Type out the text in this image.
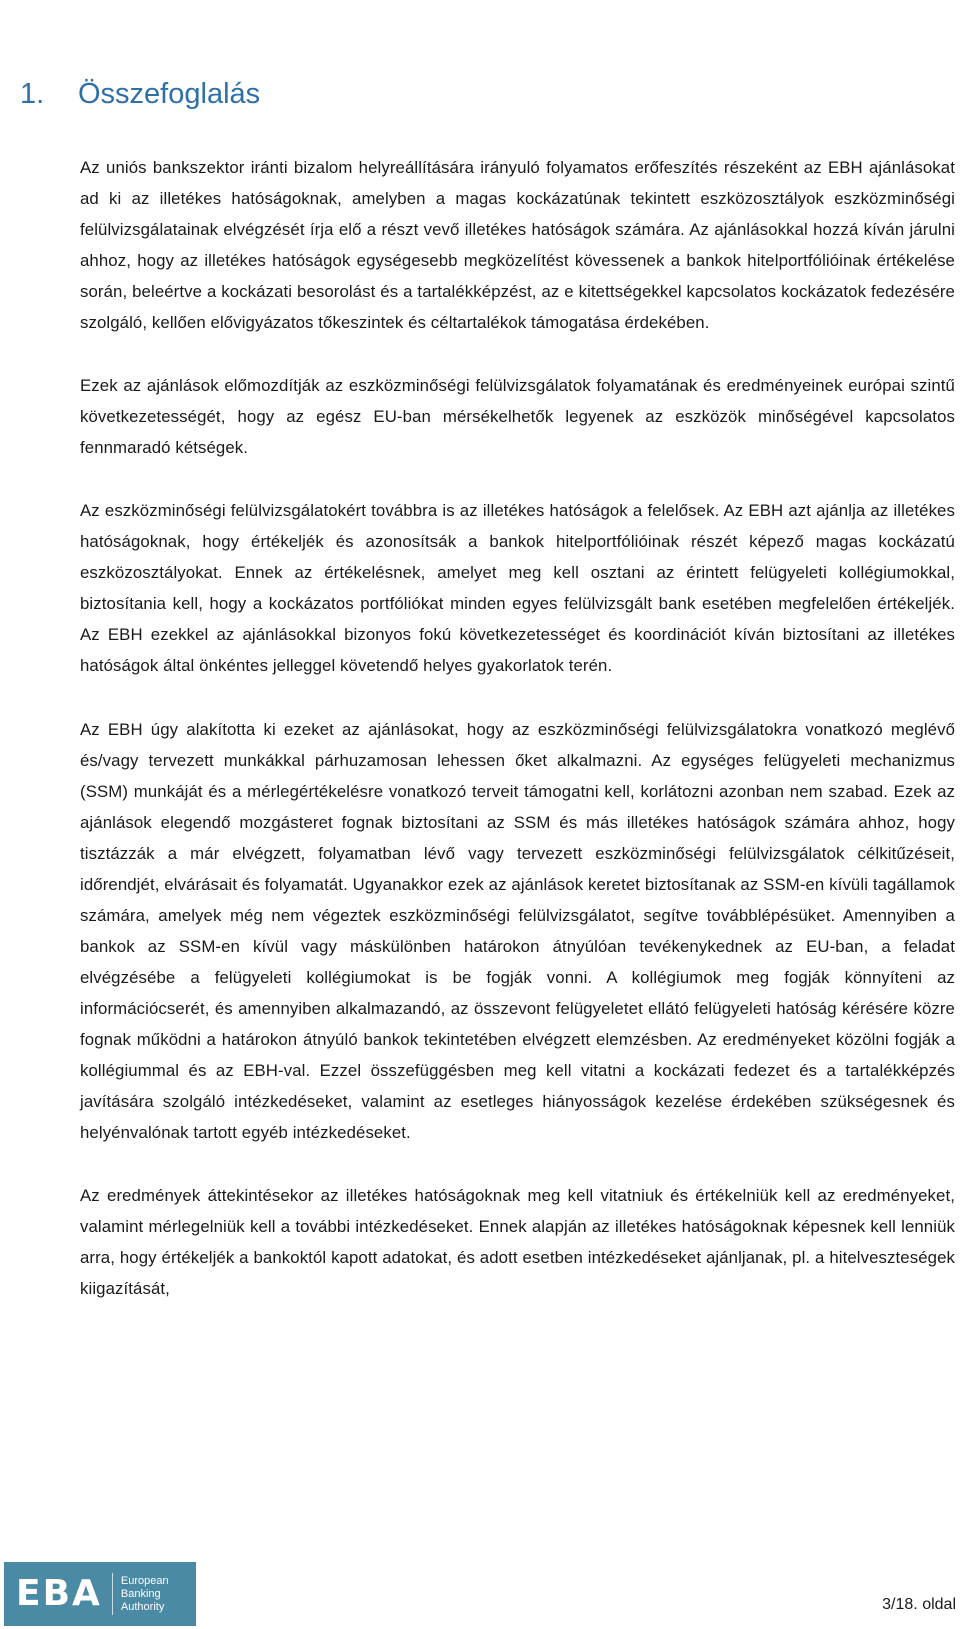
1.	Összefoglalás

Az uniós bankszektor iránti bizalom helyreállítására irányuló folyamatos erőfeszítés részeként az EBH ajánlásokat ad ki az illetékes hatóságoknak, amelyben a magas kockázatúnak tekintett eszközosztályok eszközminőségi felülvizsgálatainak elvégzését írja elő a részt vevő illetékes hatóságok számára. Az ajánlásokkal hozzá kíván járulni ahhoz, hogy az illetékes hatóságok egységesebb megközelítést kövessenek a bankok hitelportfólióinak értékelése során, beleértve a kockázati besorolást és a tartalékképzést, az e kitettségekkel kapcsolatos kockázatok fedezésére szolgáló, kellően elővigyázatos tőkeszintek és céltartalékok támogatása érdekében.

Ezek az ajánlások előmozdítják az eszközminőségi felülvizsgálatok folyamatának és eredményeinek európai szintű következetességét, hogy az egész EU-ban mérsékelhetők legyenek az eszközök minőségével kapcsolatos fennmaradó kétségek.

Az eszközminőségi felülvizsgálatokért továbbra is az illetékes hatóságok a felelősek. Az EBH azt ajánlja az illetékes hatóságoknak, hogy értékeljék és azonosítsák a bankok hitelportfólióinak részét képező magas kockázatú eszközosztályokat. Ennek az értékelésnek, amelyet meg kell osztani az érintett felügyeleti kollégiumokkal, biztosítania kell, hogy a kockázatos portfóliókat minden egyes felülvizsgált bank esetében megfelelően értékeljék. Az EBH ezekkel az ajánlásokkal bizonyos fokú következetességet és koordinációt kíván biztosítani az illetékes hatóságok által önkéntes jelleggel követendő helyes gyakorlatok terén.

Az EBH úgy alakította ki ezeket az ajánlásokat, hogy az eszközminőségi felülvizsgálatokra vonatkozó meglévő és/vagy tervezett munkákkal párhuzamosan lehessen őket alkalmazni. Az egységes felügyeleti mechanizmus (SSM) munkáját és a mérlegértékelésre vonatkozó terveit támogatni kell, korlátozni azonban nem szabad. Ezek az ajánlások elegendő mozgásteret fognak biztosítani az SSM és más illetékes hatóságok számára ahhoz, hogy tisztázzák a már elvégzett, folyamatban lévő vagy tervezett eszközminőségi felülvizsgálatok célkitűzéseit, időrendjét, elvárásait és folyamatát. Ugyanakkor ezek az ajánlások keretet biztosítanak az SSM-en kívüli tagállamok számára, amelyek még nem végeztek eszközminőségi felülvizsgálatot, segítve továbblépésüket. Amennyiben a bankok az SSM-en kívül vagy máskülönben határokon átnyúlóan tevékenykednek az EU-ban, a feladat elvégzésébe a felügyeleti kollégiumokat is be fogják vonni. A kollégiumok meg fogják könnyíteni az információcserét, és amennyiben alkalmazandó, az összevont felügyeletet ellátó felügyeleti hatóság kérésére közre fognak működni a határokon átnyúló bankok tekintetében elvégzett elemzésben. Az eredményeket közölni fogják a kollégiummal és az EBH-val. Ezzel összefüggésben meg kell vitatni a kockázati fedezet és a tartalékképzés javítására szolgáló intézkedéseket, valamint az esetleges hiányosságok kezelése érdekében szükségesnek és helyénvalónak tartott egyéb intézkedéseket.

Az eredmények áttekintésekor az illetékes hatóságoknak meg kell vitatniuk és értékelniük kell az eredményeket, valamint mérlegelniük kell a további intézkedéseket. Ennek alapján az illetékes hatóságoknak képesnek kell lenniük arra, hogy értékeljék a bankoktól kapott adatokat, és adott esetben intézkedéseket ajánljanak, pl. a hitelveszteségek kiigazítását,

EBA European
Banking
Authority	3/18. oldal
